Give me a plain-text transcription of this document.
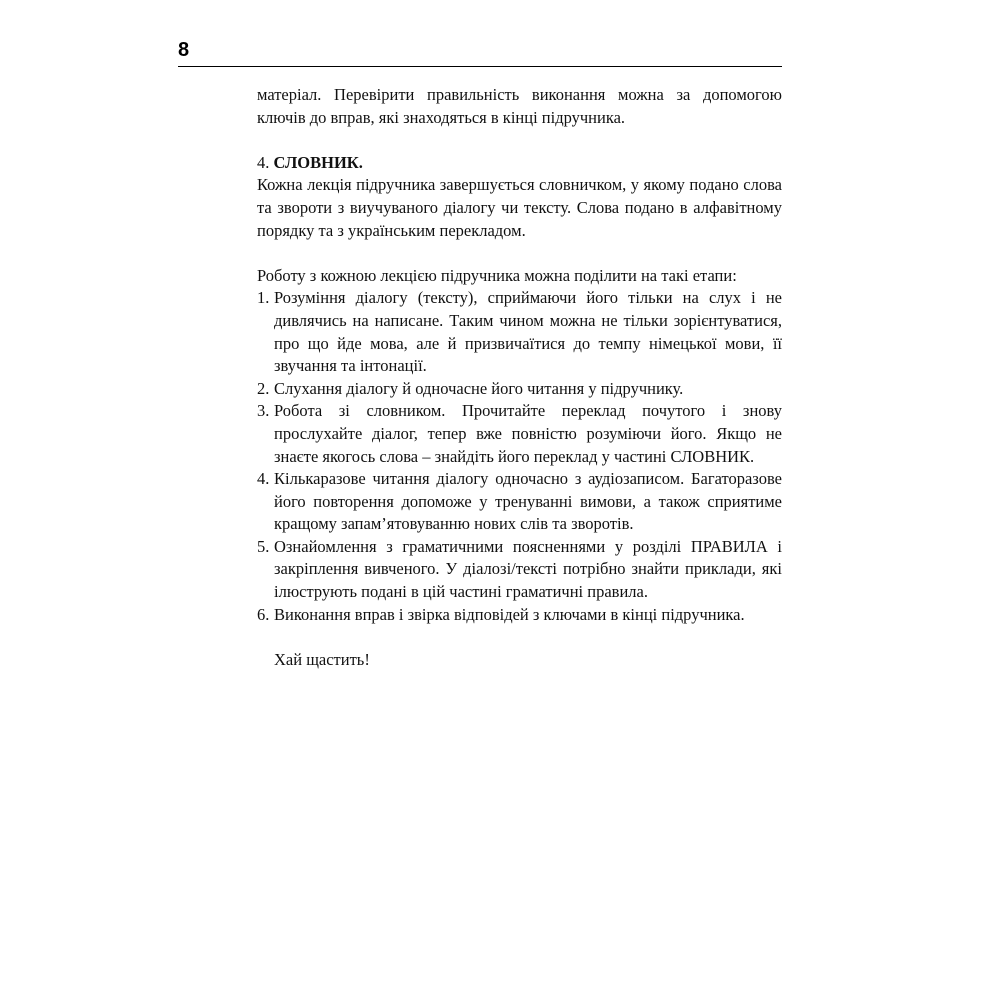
8

матеріал. Перевірити правильність виконання можна за допомогою ключів до вправ, які знаходяться в кінці підручника.

4. СЛОВНИК.

Кожна лекція підручника завершується словничком, у якому подано слова та звороти з виучуваного діалогу чи тексту. Слова подано в алфавітному порядку та з українським перекладом.

Роботу з кожною лекцією підручника можна поділити на такі етапи:

1. Розуміння діалогу (тексту), сприймаючи його тільки на слух і не дивлячись на написане. Таким чином можна не тільки зорієнтуватися, про що йде мова, але й призвичаїтися до темпу німецької мови, її звучання та інтонації.
2. Слухання діалогу й одночасне його читання у підручнику.
3. Робота зі словником. Прочитайте переклад почутого і знову прослухайте діалог, тепер вже повністю розуміючи його. Якщо не знаєте якогось слова – знайдіть його переклад у частині СЛОВНИК.
4. Кількаразове читання діалогу одночасно з аудіозаписом. Багаторазове його повторення допоможе у тренуванні вимови, а також сприятиме кращому запам’ятовуванню нових слів та зворотів.
5. Ознайомлення з граматичними поясненнями у розділі ПРАВИЛА і закріплення вивченого. У діалозі/тексті потрібно знайти приклади, які ілюструють подані в цій частині граматичні правила.
6. Виконання вправ і звірка відповідей з ключами в кінці підручника.

Хай щастить!
